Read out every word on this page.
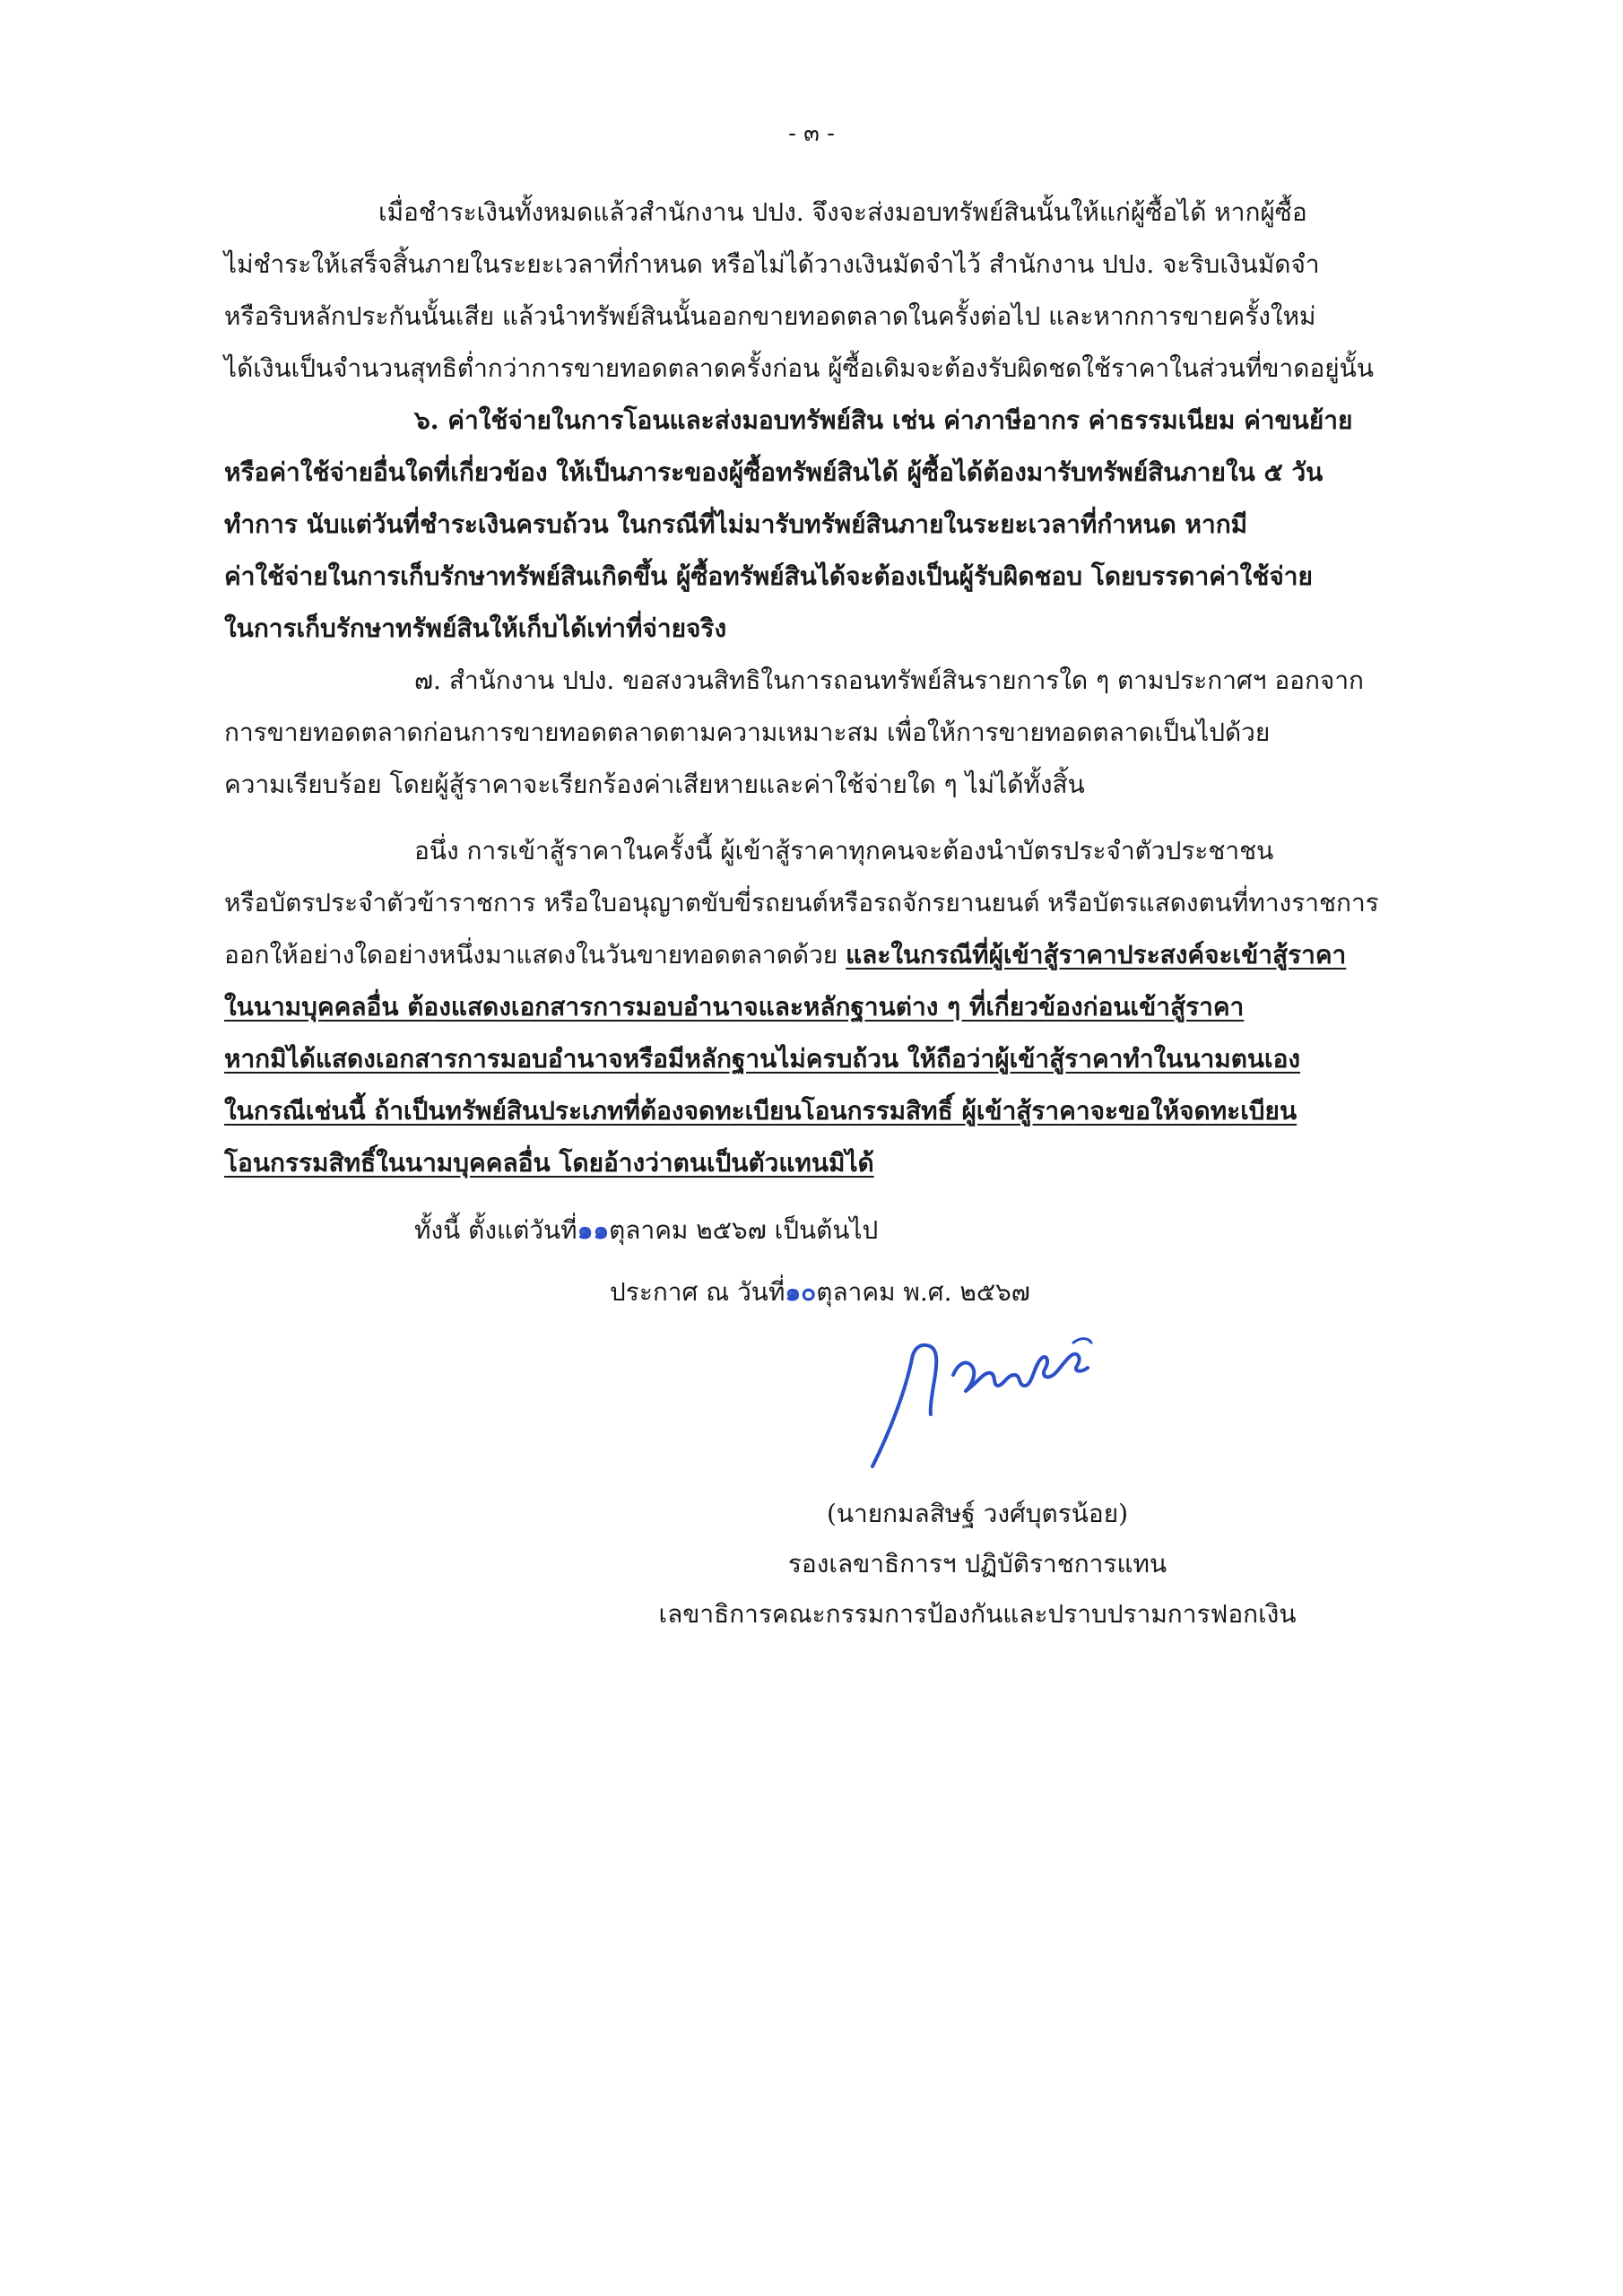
- ๓ -
เมื่อชำระเงินทั้งหมดแล้วสำนักงาน ปปง. จึงจะส่งมอบทรัพย์สินนั้นให้แก่ผู้ซื้อได้ หากผู้ซื้อ
ไม่ชำระให้เสร็จสิ้นภายในระยะเวลาที่กำหนด หรือไม่ได้วางเงินมัดจำไว้ สำนักงาน ปปง. จะริบเงินมัดจำ
หรือริบหลักประกันนั้นเสีย แล้วนำทรัพย์สินนั้นออกขายทอดตลาดในครั้งต่อไป และหากการขายครั้งใหม่
ได้เงินเป็นจำนวนสุทธิต่ำกว่าการขายทอดตลาดครั้งก่อน ผู้ซื้อเดิมจะต้องรับผิดชดใช้ราคาในส่วนที่ขาดอยู่นั้น
๖. ค่าใช้จ่ายในการโอนและส่งมอบทรัพย์สิน เช่น ค่าภาษีอากร ค่าธรรมเนียม ค่าขนย้าย
หรือค่าใช้จ่ายอื่นใดที่เกี่ยวข้อง ให้เป็นภาระของผู้ซื้อทรัพย์สินได้ ผู้ซื้อได้ต้องมารับทรัพย์สินภายใน ๕ วัน
ทำการ นับแต่วันที่ชำระเงินครบถ้วน ในกรณีที่ไม่มารับทรัพย์สินภายในระยะเวลาที่กำหนด หากมี
ค่าใช้จ่ายในการเก็บรักษาทรัพย์สินเกิดขึ้น ผู้ซื้อทรัพย์สินได้จะต้องเป็นผู้รับผิดชอบ โดยบรรดาค่าใช้จ่าย
ในการเก็บรักษาทรัพย์สินให้เก็บได้เท่าที่จ่ายจริง
๗. สำนักงาน ปปง. ขอสงวนสิทธิในการถอนทรัพย์สินรายการใด ๆ ตามประกาศฯ ออกจาก
การขายทอดตลาดก่อนการขายทอดตลาดตามความเหมาะสม เพื่อให้การขายทอดตลาดเป็นไปด้วย
ความเรียบร้อย โดยผู้สู้ราคาจะเรียกร้องค่าเสียหายและค่าใช้จ่ายใด ๆ ไม่ได้ทั้งสิ้น
อนึ่ง การเข้าสู้ราคาในครั้งนี้ ผู้เข้าสู้ราคาทุกคนจะต้องนำบัตรประจำตัวประชาชน
หรือบัตรประจำตัวข้าราชการ หรือใบอนุญาตขับขี่รถยนต์หรือรถจักรยานยนต์ หรือบัตรแสดงตนที่ทางราชการ
ออกให้อย่างใดอย่างหนึ่งมาแสดงในวันขายทอดตลาดด้วย และในกรณีที่ผู้เข้าสู้ราคาประสงค์จะเข้าสู้ราคา
ในนามบุคคลอื่น ต้องแสดงเอกสารการมอบอำนาจและหลักฐานต่าง ๆ ที่เกี่ยวข้องก่อนเข้าสู้ราคา
หากมิได้แสดงเอกสารการมอบอำนาจหรือมีหลักฐานไม่ครบถ้วน ให้ถือว่าผู้เข้าสู้ราคาทำในนามตนเอง
ในกรณีเช่นนี้ ถ้าเป็นทรัพย์สินประเภทที่ต้องจดทะเบียนโอนกรรมสิทธิ์ ผู้เข้าสู้ราคาจะขอให้จดทะเบียน
โอนกรรมสิทธิ์ในนามบุคคลอื่น โดยอ้างว่าตนเป็นตัวแทนมิได้
ทั้งนี้ ตั้งแต่วันที่๑๑ตุลาคม ๒๕๖๗ เป็นต้นไป
ประกาศ ณ วันที่๑๐ตุลาคม พ.ศ. ๒๕๖๗
(นายกมลสิษฐ์ วงศ์บุตรน้อย)
รองเลขาธิการฯ ปฏิบัติราชการแทน
เลขาธิการคณะกรรมการป้องกันและปราบปรามการฟอกเงิน
